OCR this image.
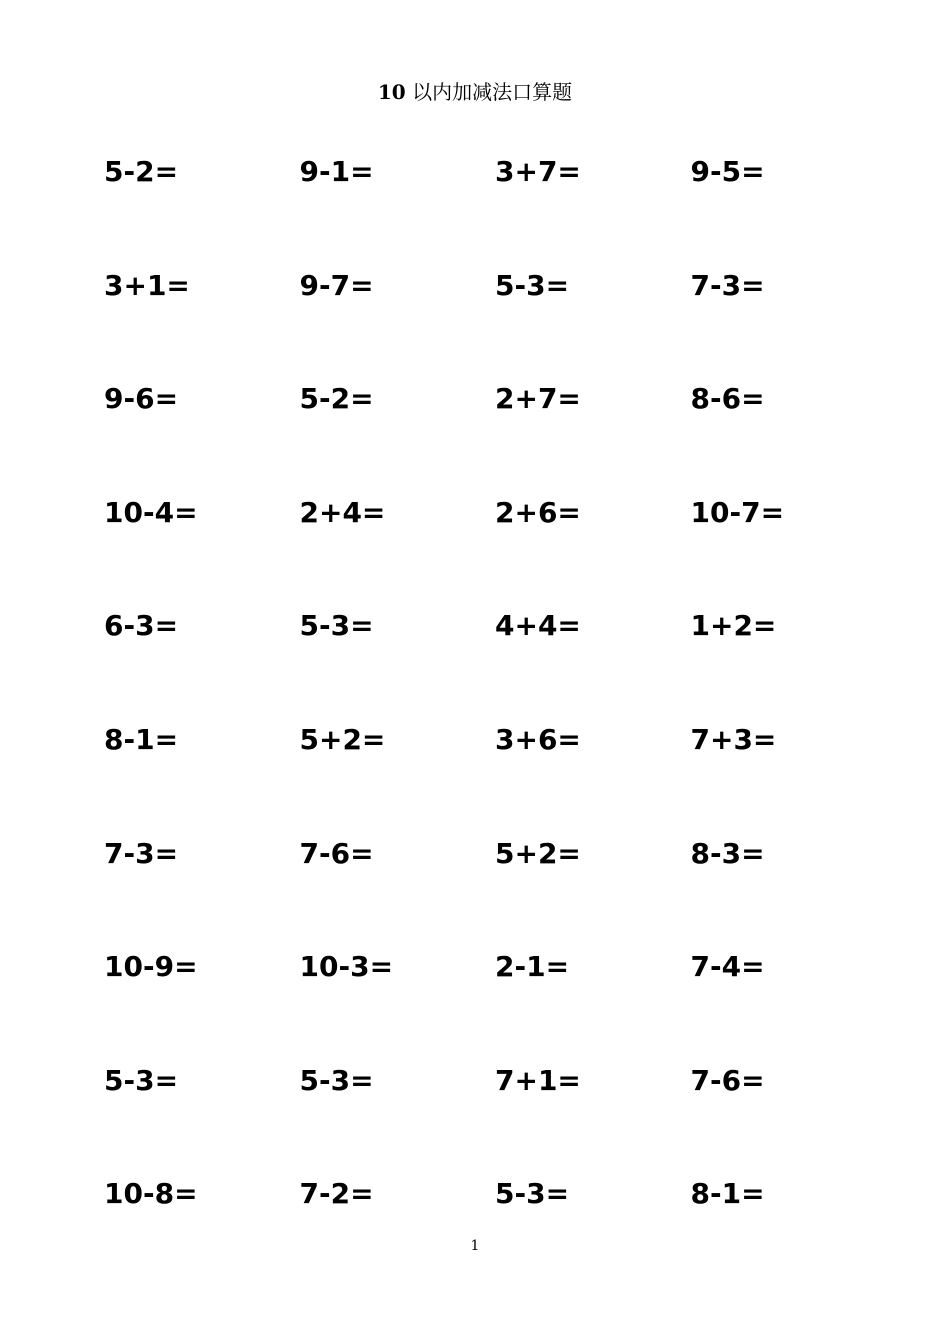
10 以内加减法口算题
5-2=	9-1=	3+7=	9-5=
3+1=	9-7=	5-3=	7-3=
9-6=	5-2=	2+7=	8-6=
10-4=	2+4=	2+6=	10-7=
6-3=	5-3=	4+4=	1+2=
8-1=	5+2=	3+6=	7+3=
7-3=	7-6=	5+2=	8-3=
10-9=	10-3=	2-1=	7-4=
5-3=	5-3=	7+1=	7-6=
10-8=	7-2=	5-3=	8-1=
1
